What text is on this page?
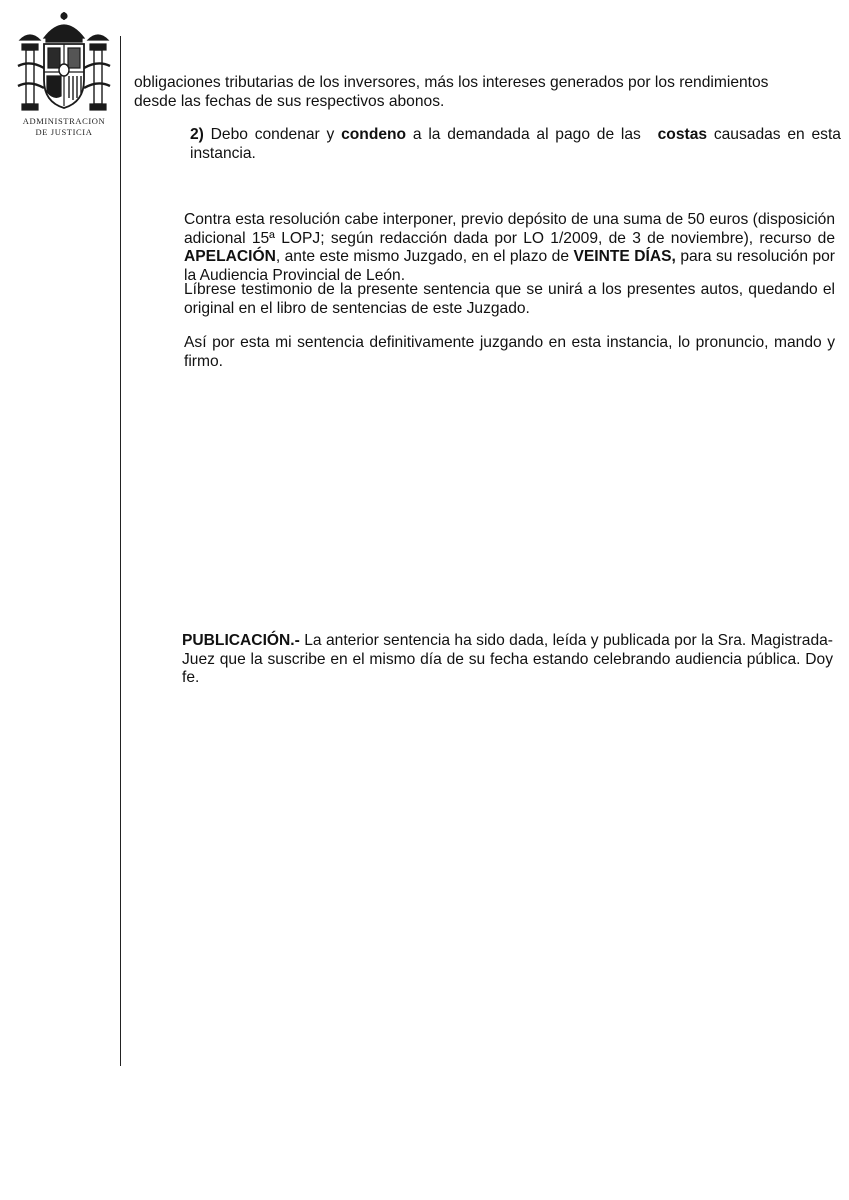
ADMINISTRACION
DE JUSTICIA
obligaciones tributarias de los inversores, más los intereses generados por los rendimientos desde las fechas de sus respectivos abonos.
2) Debo condenar y condeno a la demandada al pago de las costas causadas en esta instancia.
Contra esta resolución cabe interponer, previo depósito de una suma de 50 euros (disposición adicional 15ª LOPJ; según redacción dada por LO 1/2009, de 3 de noviembre), recurso de APELACIÓN, ante este mismo Juzgado, en el plazo de VEINTE DÍAS, para su resolución por la Audiencia Provincial de León.
Líbrese testimonio de la presente sentencia que se unirá a los presentes autos, quedando el original en el libro de sentencias de este Juzgado.
Así por esta mi sentencia definitivamente juzgando en esta instancia, lo pronuncio, mando y firmo.
PUBLICACIÓN.- La anterior sentencia ha sido dada, leída y publicada por la Sra. Magistrada-Juez que la suscribe en el mismo día de su fecha estando celebrando audiencia pública. Doy fe.
